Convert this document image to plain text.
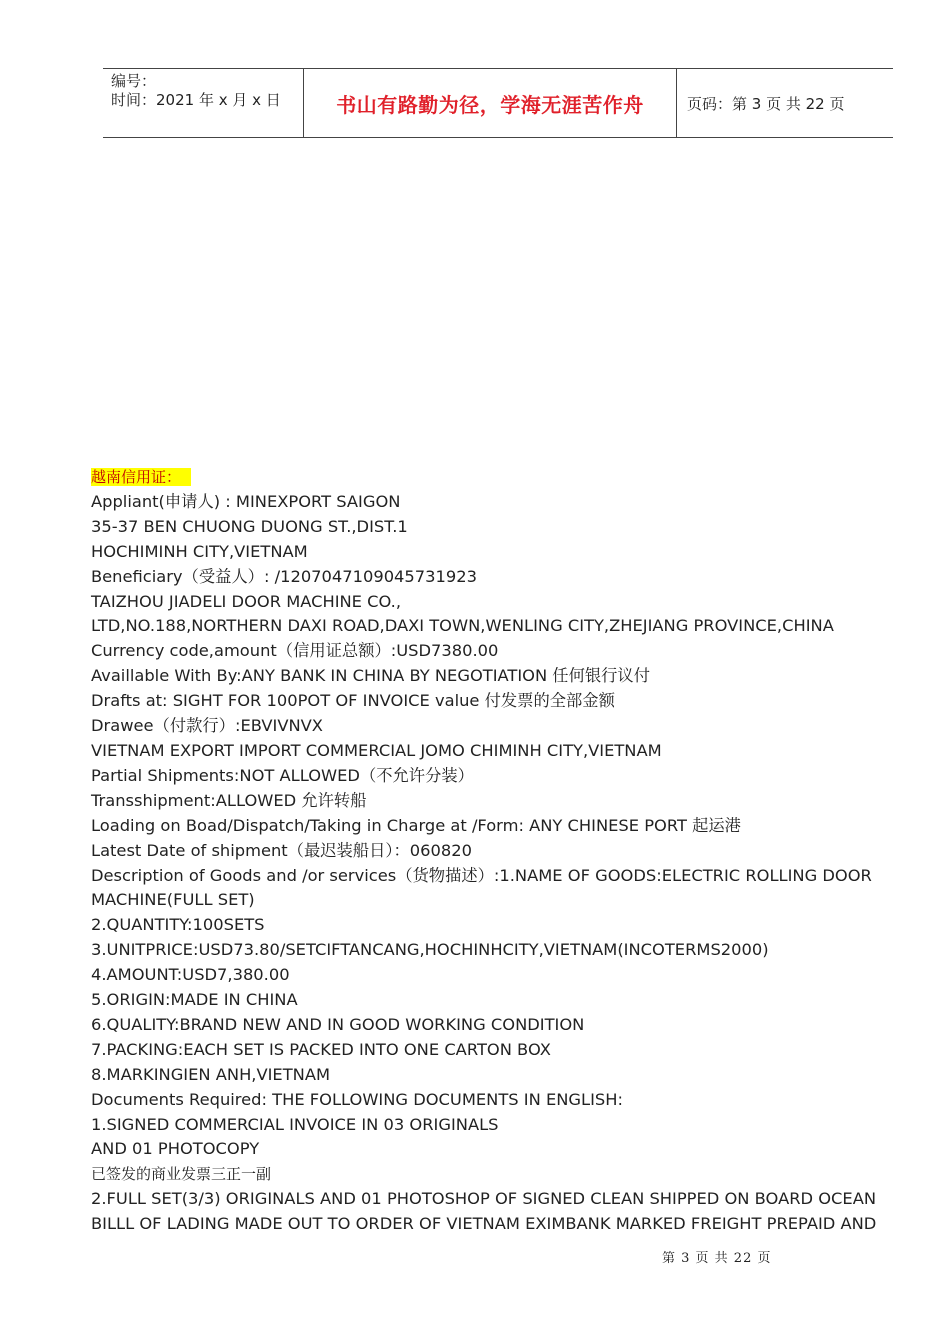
编号：
时间：2021 年 x 月 x 日	书山有路勤为径，学海无涯苦作舟	页码：第 3 页 共 22 页
越南信用证：
Appliant(申请人) : MINEXPORT SAIGON
35-37 BEN CHUONG DUONG ST.,DIST.1
HOCHIMINH CITY,VIETNAM
Beneficiary（受益人）: /1207047109045731923
TAIZHOU JIADELI DOOR MACHINE CO.,
LTD,NO.188,NORTHERN DAXI ROAD,DAXI TOWN,WENLING CITY,ZHEJIANG PROVINCE,CHINA
Currency code,amount（信用证总额）:USD7380.00
Availlable With By:ANY BANK IN CHINA BY NEGOTIATION 任何银行议付
Drafts at: SIGHT FOR 100POT OF INVOICE value 付发票的全部金额
Drawee（付款行）:EBVIVNVX
VIETNAM EXPORT IMPORT COMMERCIAL JOMO CHIMINH CITY,VIETNAM
Partial Shipments:NOT ALLOWED（不允许分装）
Transshipment:ALLOWED 允许转船
Loading on Boad/Dispatch/Taking in Charge at /Form: ANY CHINESE PORT 起运港
Latest Date of shipment（最迟装船日）：060820
Description of Goods and /or services（货物描述）:1.NAME OF GOODS:ELECTRIC ROLLING DOOR
MACHINE(FULL SET)
2.QUANTITY:100SETS
3.UNITPRICE:USD73.80/SETCIFTANCANG,HOCHINHCITY,VIETNAM(INCOTERMS2000)
4.AMOUNT:USD7,380.00
5.ORIGIN:MADE IN CHINA
6.QUALITY:BRAND NEW AND IN GOOD WORKING CONDITION
7.PACKING:EACH SET IS PACKED INTO ONE CARTON BOX
8.MARKINGIEN ANH,VIETNAM
Documents Required: THE FOLLOWING DOCUMENTS IN ENGLISH:
1.SIGNED COMMERCIAL INVOICE IN 03 ORIGINALS
AND 01 PHOTOCOPY
已签发的商业发票三正一副
2.FULL SET(3/3) ORIGINALS AND 01 PHOTOSHOP OF SIGNED CLEAN SHIPPED ON BOARD OCEAN
BILLL OF LADING MADE OUT TO ORDER OF VIETNAM EXIMBANK MARKED FREIGHT PREPAID AND
第 3 页 共 22 页
